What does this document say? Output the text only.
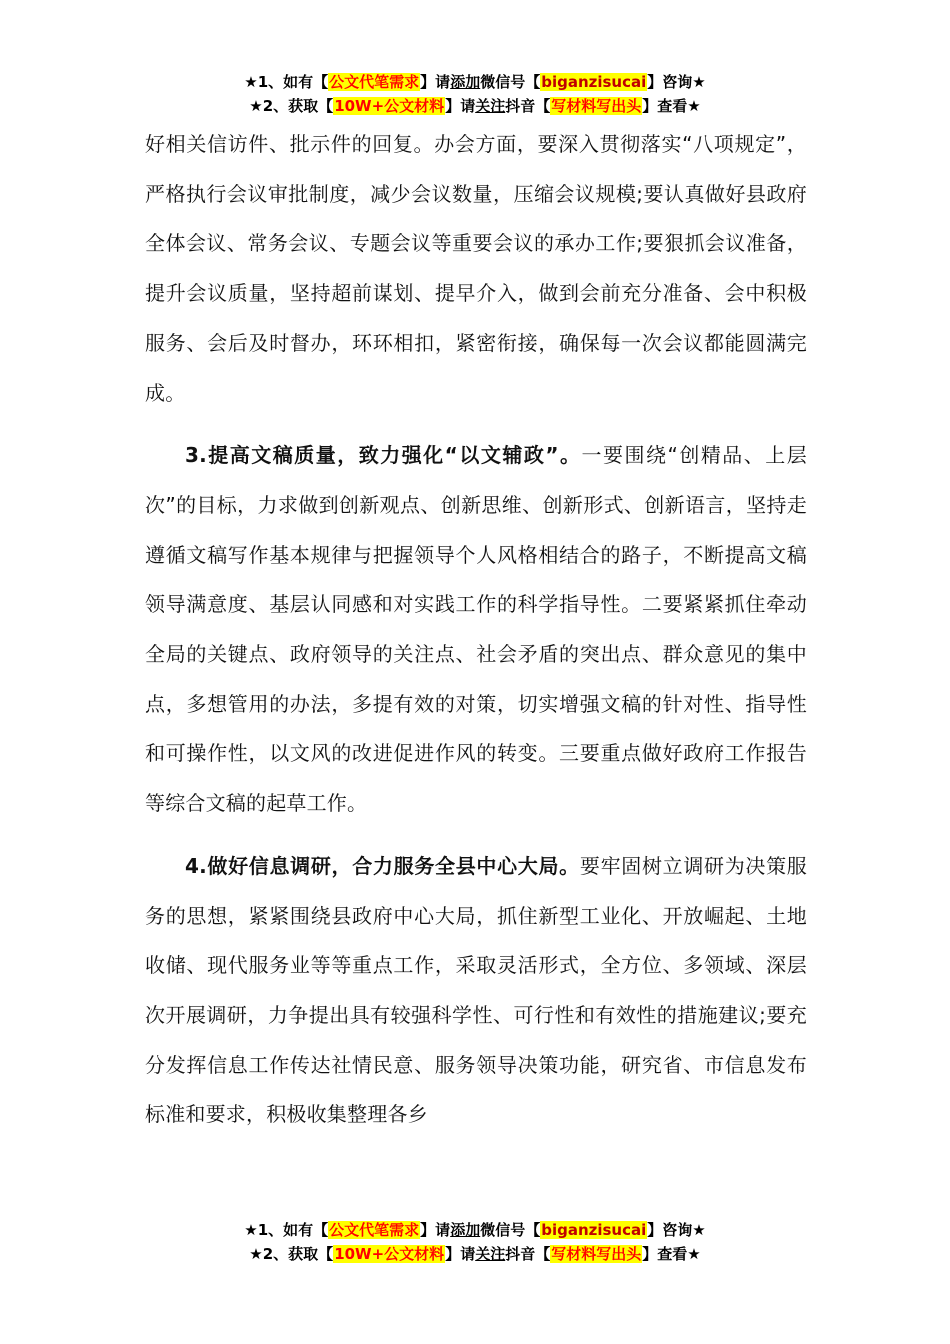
★1、如有【公文代笔需求】请添加微信号【biganzisucai】咨询★
★2、获取【10W+公文材料】请关注抖音【写材料写出头】查看★

好相关信访件、批示件的回复。办会方面，要深入贯彻落实“八项规定”，严格执行会议审批制度，减少会议数量，压缩会议规模;要认真做好县政府全体会议、常务会议、专题会议等重要会议的承办工作;要狠抓会议准备，提升会议质量，坚持超前谋划、提早介入，做到会前充分准备、会中积极服务、会后及时督办，环环相扣，紧密衔接，确保每一次会议都能圆满完成。

3.提高文稿质量，致力强化“以文辅政”。一要围绕“创精品、上层次”的目标，力求做到创新观点、创新思维、创新形式、创新语言，坚持走遵循文稿写作基本规律与把握领导个人风格相结合的路子，不断提高文稿领导满意度、基层认同感和对实践工作的科学指导性。二要紧紧抓住牵动全局的关键点、政府领导的关注点、社会矛盾的突出点、群众意见的集中点，多想管用的办法，多提有效的对策，切实增强文稿的针对性、指导性和可操作性，以文风的改进促进作风的转变。三要重点做好政府工作报告等综合文稿的起草工作。

4.做好信息调研，合力服务全县中心大局。要牢固树立调研为决策服务的思想，紧紧围绕县政府中心大局，抓住新型工业化、开放崛起、土地收储、现代服务业等等重点工作，采取灵活形式，全方位、多领域、深层次开展调研，力争提出具有较强科学性、可行性和有效性的措施建议;要充分发挥信息工作传达社情民意、服务领导决策功能，研究省、市信息发布标准和要求，积极收集整理各乡

★1、如有【公文代笔需求】请添加微信号【biganzisucai】咨询★
★2、获取【10W+公文材料】请关注抖音【写材料写出头】查看★
